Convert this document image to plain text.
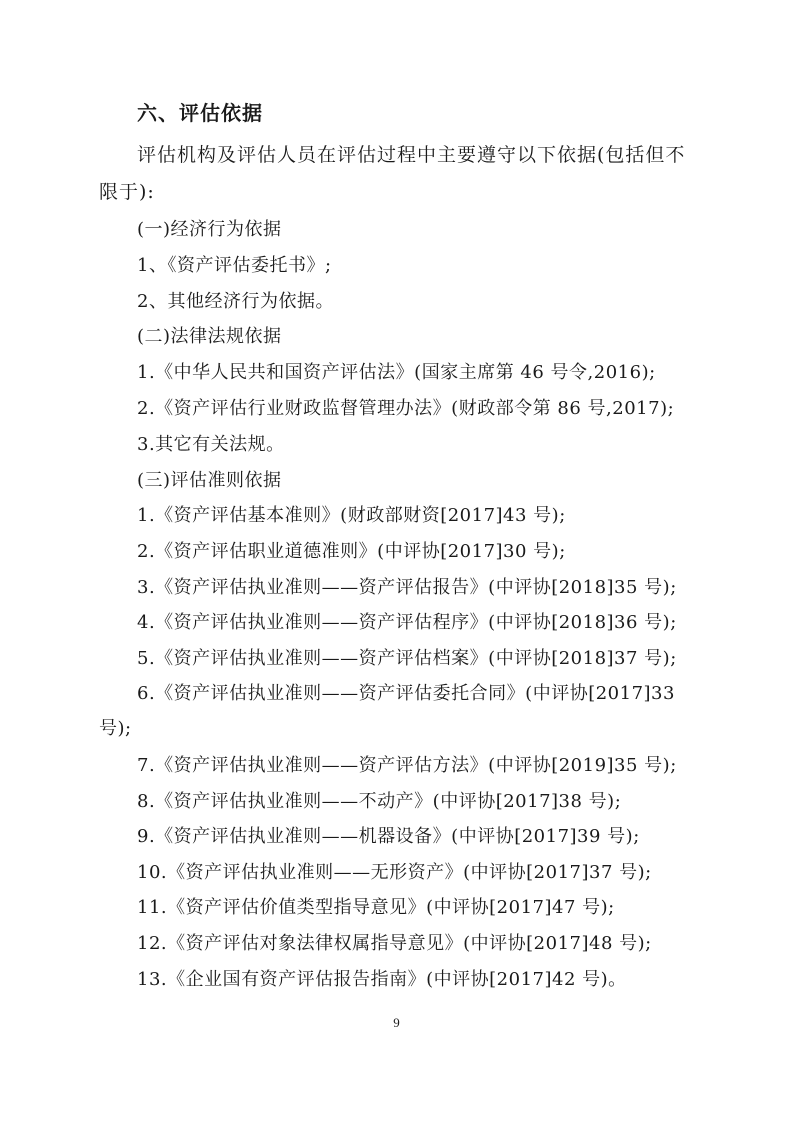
六、评估依据
评估机构及评估人员在评估过程中主要遵守以下依据(包括但不
限于):
(一)经济行为依据
1、《资产评估委托书》;
2、其他经济行为依据。
(二)法律法规依据
1.《中华人民共和国资产评估法》(国家主席第 46 号令,2016);
2.《资产评估行业财政监督管理办法》(财政部令第 86 号,2017);
3.其它有关法规。
(三)评估准则依据
1.《资产评估基本准则》(财政部财资[2017]43 号);
2.《资产评估职业道德准则》(中评协[2017]30 号);
3.《资产评估执业准则——资产评估报告》(中评协[2018]35 号);
4.《资产评估执业准则——资产评估程序》(中评协[2018]36 号);
5.《资产评估执业准则——资产评估档案》(中评协[2018]37 号);
6.《资产评估执业准则——资产评估委托合同》(中评协[2017]33
号);
7.《资产评估执业准则——资产评估方法》(中评协[2019]35 号);
8.《资产评估执业准则——不动产》(中评协[2017]38 号);
9.《资产评估执业准则——机器设备》(中评协[2017]39 号);
10.《资产评估执业准则——无形资产》(中评协[2017]37 号);
11.《资产评估价值类型指导意见》(中评协[2017]47 号);
12.《资产评估对象法律权属指导意见》(中评协[2017]48 号);
13.《企业国有资产评估报告指南》(中评协[2017]42 号)。
9
